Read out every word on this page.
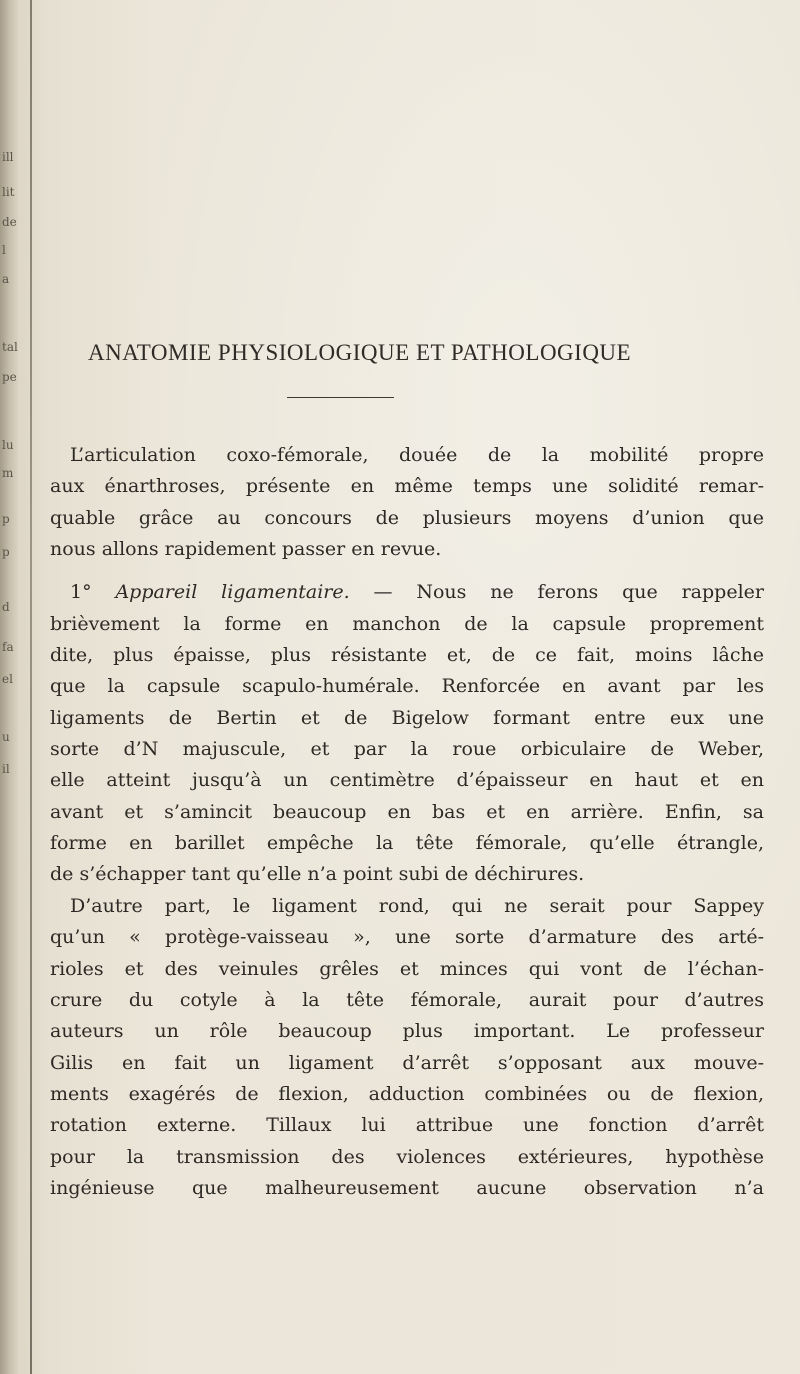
ill
lit
de
l
a
tal
pe
lu
m
p
p
d
fa
el
u
il
ANATOMIE PHYSIOLOGIQUE ET PATHOLOGIQUE
L’articulation coxo-fémorale, douée de la mobilité propre
aux énarthroses, présente en même temps une solidité remar-
quable grâce au concours de plusieurs moyens d’union que
nous allons rapidement passer en revue.
1° Appareil ligamentaire. — Nous ne ferons que rappeler
brièvement la forme en manchon de la capsule proprement
dite, plus épaisse, plus résistante et, de ce fait, moins lâche
que la capsule scapulo-humérale. Renforcée en avant par les
ligaments de Bertin et de Bigelow formant entre eux une
sorte d’N majuscule, et par la roue orbiculaire de Weber,
elle atteint jusqu’à un centimètre d’épaisseur en haut et en
avant et s’amincit beaucoup en bas et en arrière. Enfin, sa
forme en barillet empêche la tête fémorale, qu’elle étrangle,
de s’échapper tant qu’elle n’a point subi de déchirures.
D’autre part, le ligament rond, qui ne serait pour Sappey
qu’un « protège-vaisseau », une sorte d’armature des arté-
rioles et des veinules grêles et minces qui vont de l’échan-
crure du cotyle à la tête fémorale, aurait pour d’autres
auteurs un rôle beaucoup plus important. Le professeur
Gilis en fait un ligament d’arrêt s’opposant aux mouve-
ments exagérés de flexion, adduction combinées ou de flexion,
rotation externe. Tillaux lui attribue une fonction d’arrêt
pour la transmission des violences extérieures, hypothèse
ingénieuse que malheureusement aucune observation n’a
